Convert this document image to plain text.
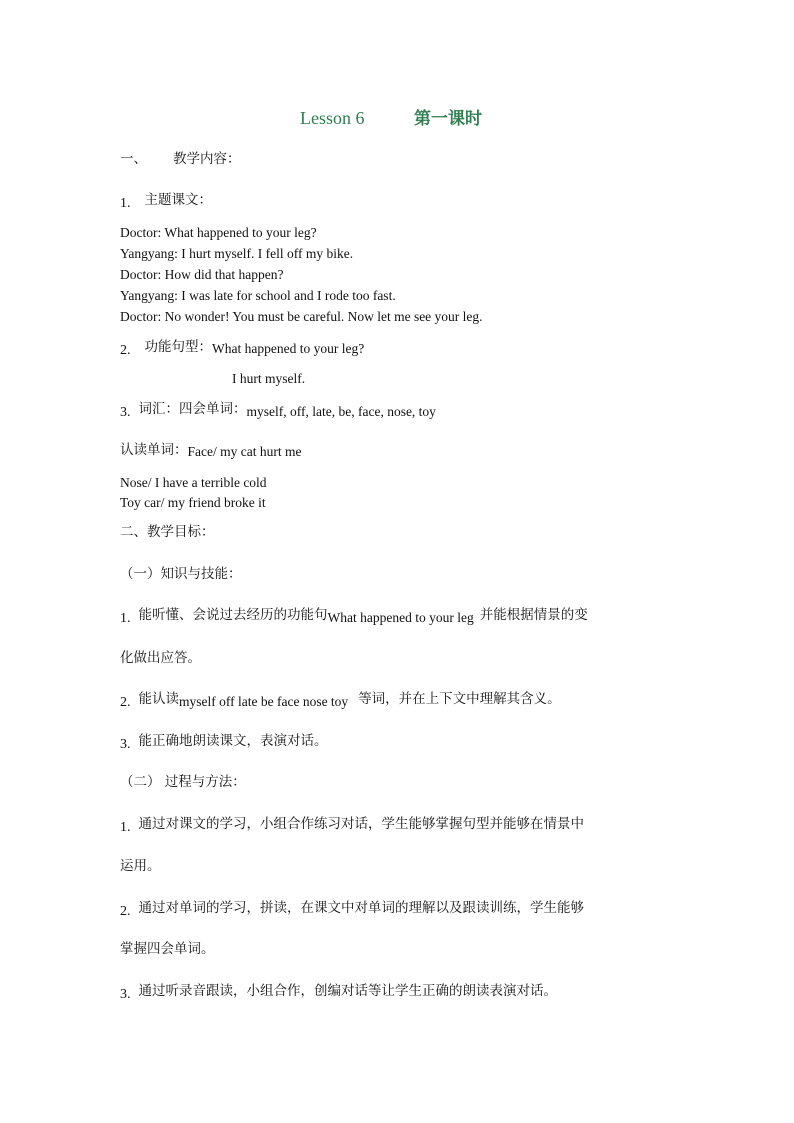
Lesson 6	第一课时
一、 教学内容：
1. 主题课文：
Doctor: What happened to your leg?
Yangyang: I hurt myself. I fell off my bike.
Doctor: How did that happen?
Yangyang: I was late for school and I rode too fast.
Doctor: No wonder! You must be careful. Now let me see your leg.
2. 功能句型：What happened to your leg?
I hurt myself.
3. 词汇：四会单词：myself, off, late, be, face, nose, toy
认读单词：Face/ my cat hurt me
Nose/ I have a terrible cold
Toy car/ my friend broke it
二、教学目标：
（一）知识与技能：
1. 能听懂、会说过去经历的功能句What happened to your leg 并能根据情景的变
化做出应答。
2. 能认读myself off late be face nose toy 等词，并在上下文中理解其含义。
3. 能正确地朗读课文，表演对话。
（二） 过程与方法：
1. 通过对课文的学习，小组合作练习对话，学生能够掌握句型并能够在情景中
运用。
2. 通过对单词的学习，拼读，在课文中对单词的理解以及跟读训练，学生能够
掌握四会单词。
3. 通过听录音跟读，小组合作，创编对话等让学生正确的朗读表演对话。
